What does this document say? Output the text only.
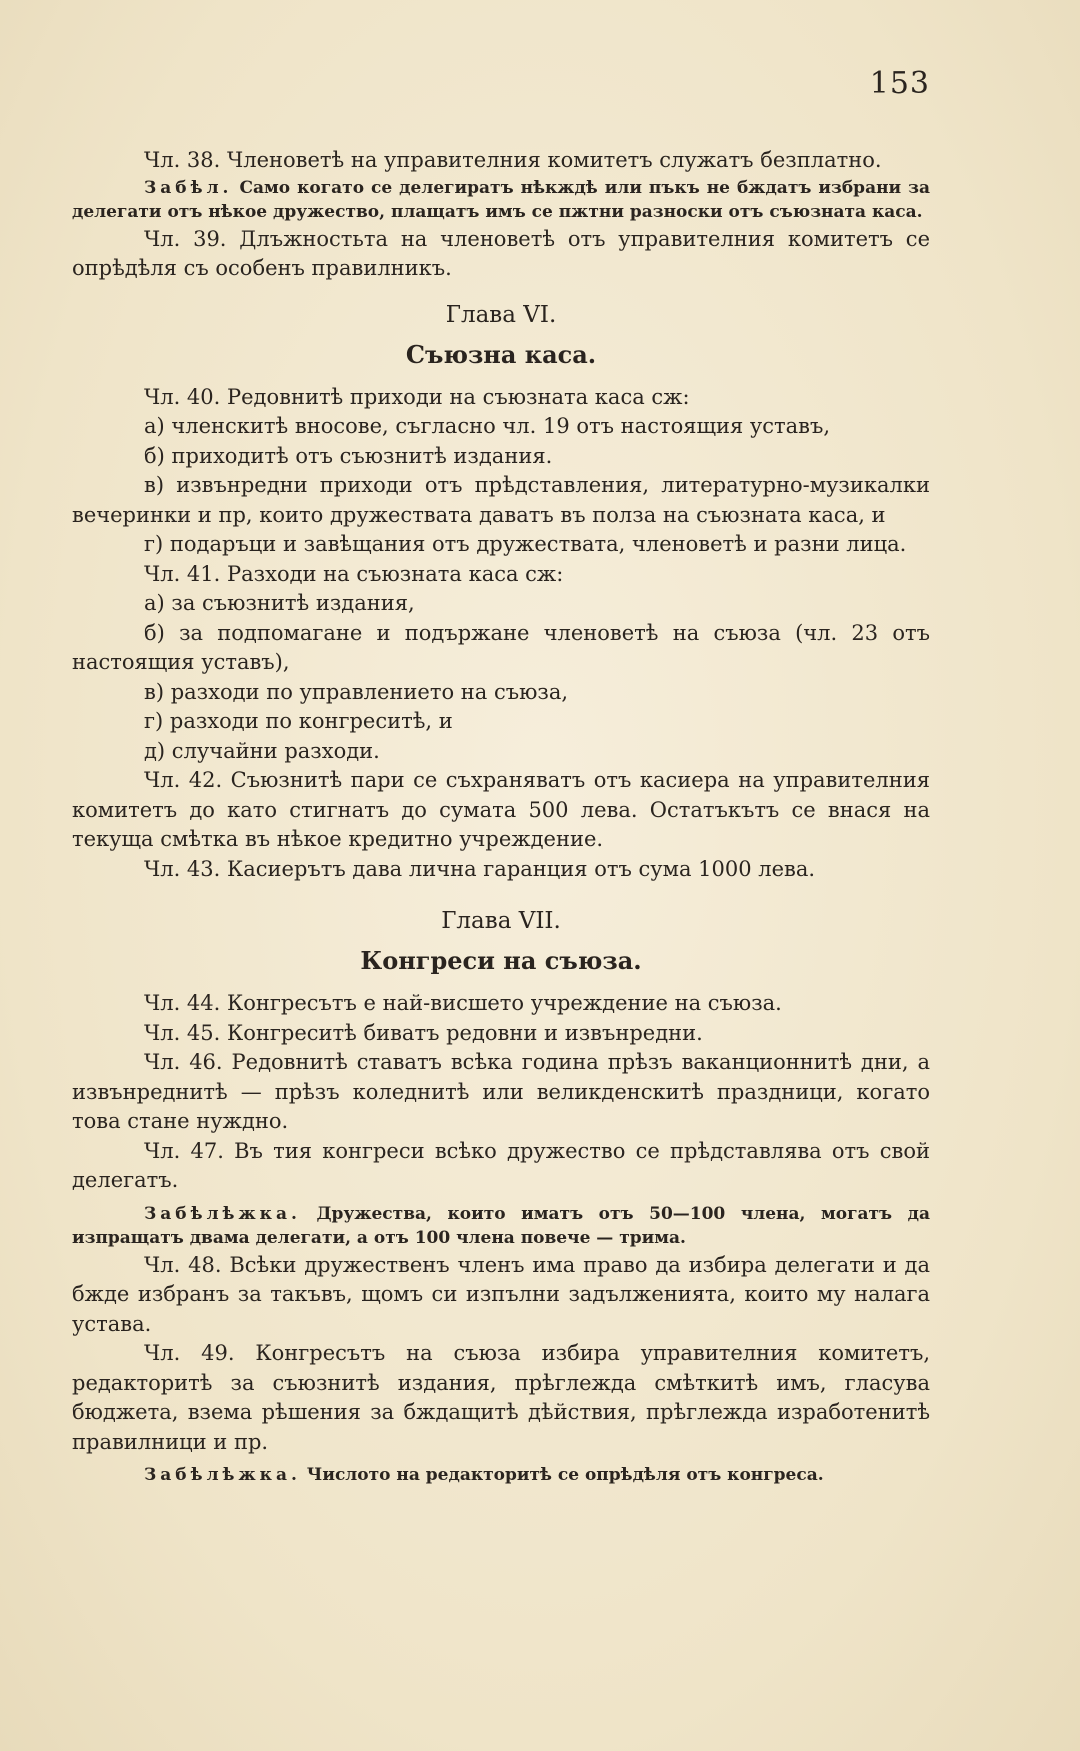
153

Чл. 38. Членоветѣ на управителния комитетъ служатъ безплатно.

Забѣл. Само когато се делегиратъ нѣкждѣ или пъкъ не бждатъ избрани за делегати отъ нѣкое дружество, плащатъ имъ се пжтни разноски отъ съюзната каса.

Чл. 39. Длъжностьта на членоветѣ отъ управителния комитетъ се опрѣдѣля съ особенъ правилникъ.

Глава VI.
Съюзна каса.

Чл. 40. Редовнитѣ приходи на съюзната каса сж:

а) членскитѣ вносове, съгласно чл. 19 отъ настоящия уставъ,

б) приходитѣ отъ съюзнитѣ издания.

в) извънредни приходи отъ прѣдставления, литературно-музикалки вечеринки и пр, които дружествата даватъ въ полза на съюзната каса, и

г) подаръци и завѣщания отъ дружествата, членоветѣ и разни лица.

Чл. 41. Разходи на съюзната каса сж:

а) за съюзнитѣ издания,

б) за подпомагане и подържане членоветѣ на съюза (чл. 23 отъ настоящия уставъ),

в) разходи по управлението на съюза,

г) разходи по конгреситѣ, и

д) случайни разходи.

Чл. 42. Съюзнитѣ пари се съхраняватъ отъ касиера на управителния комитетъ до като стигнатъ до сумата 500 лева. Остатъкътъ се внася на текуща смѣтка въ нѣкое кредитно учреждение.

Чл. 43. Касиерътъ дава лична гаранция отъ сума 1000 лева.

Глава VII.
Конгреси на съюза.

Чл. 44. Конгресътъ е най-висшето учреждение на съюза.

Чл. 45. Конгреситѣ биватъ редовни и извънредни.

Чл. 46. Редовнитѣ ставатъ всѣка година прѣзъ ваканционнитѣ дни, а извънреднитѣ — прѣзъ коледнитѣ или великденскитѣ праздници, когато това стане нуждно.

Чл. 47. Въ тия конгреси всѣко дружество се прѣдставлява отъ свой делегатъ.

Забѣлѣжка. Дружества, които иматъ отъ 50—100 члена, могатъ да изпращатъ двама делегати, а отъ 100 члена повече — трима.

Чл. 48. Всѣки дружественъ членъ има право да избира делегати и да бжде избранъ за такъвъ, щомъ си изпълни задълженията, които му налага устава.

Чл. 49. Конгресътъ на съюза избира управителния комитетъ, редакторитѣ за съюзнитѣ издания, прѣглежда смѣткитѣ имъ, гласува бюджета, взема рѣшения за бждащитѣ дѣйствия, прѣглежда изработенитѣ правилници и пр.

Забѣлѣжка. Числото на редакторитѣ се опрѣдѣля отъ конгреса.
